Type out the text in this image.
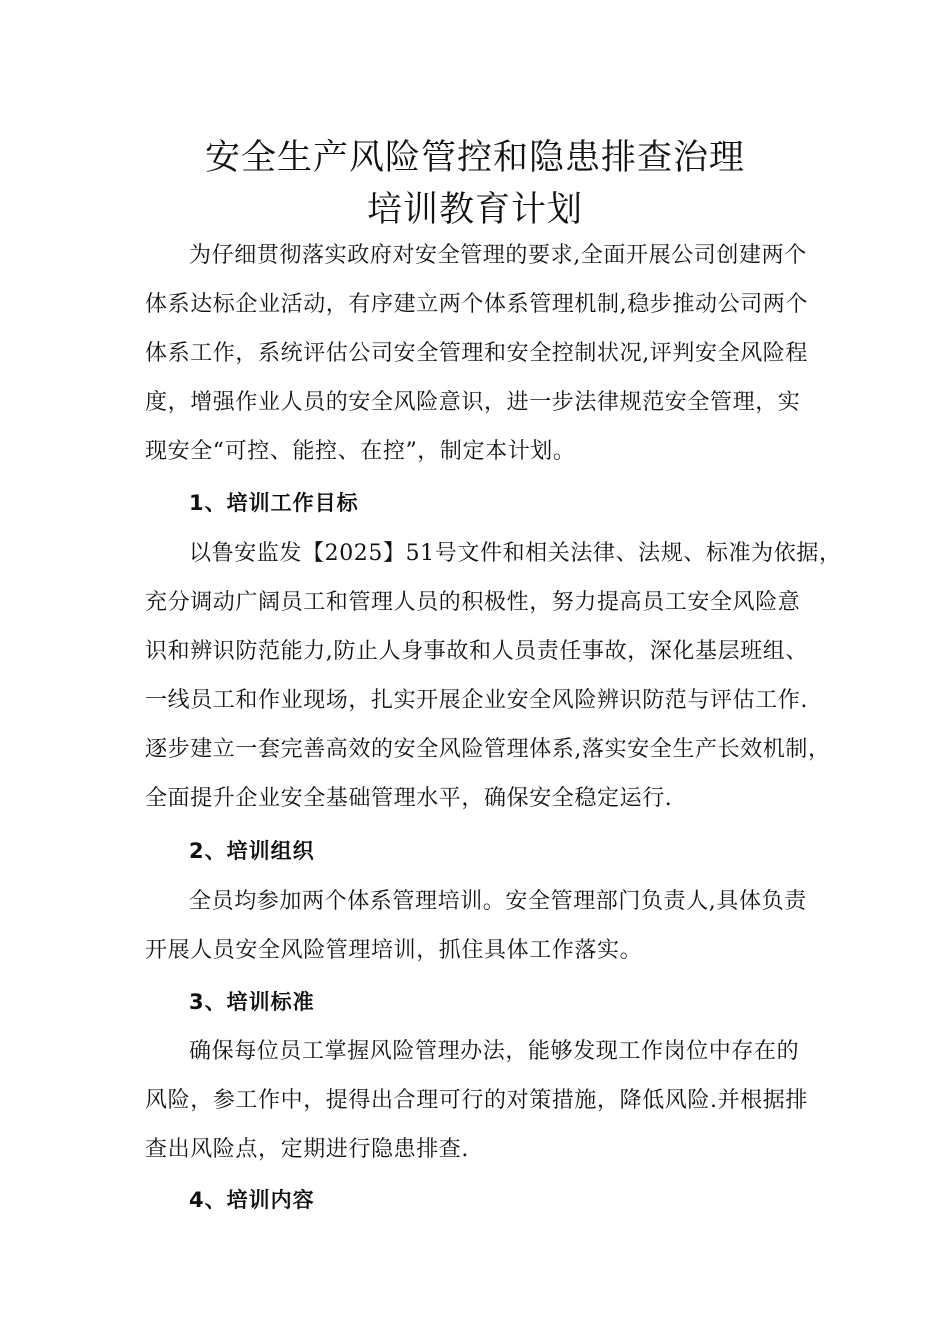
安全生产风险管控和隐患排查治理
培训教育计划
为仔细贯彻落实政府对安全管理的要求,全面开展公司创建两个
体系达标企业活动，有序建立两个体系管理机制,稳步推动公司两个
体系工作，系统评估公司安全管理和安全控制状况,评判安全风险程
度，增强作业人员的安全风险意识，进一步法律规范安全管理，实
现安全“可控、能控、在控”，制定本计划。
1、培训工作目标
以鲁安监发【2025】51号文件和相关法律、法规、标准为依据，
充分调动广阔员工和管理人员的积极性，努力提高员工安全风险意
识和辨识防范能力,防止人身事故和人员责任事故，深化基层班组、
一线员工和作业现场，扎实开展企业安全风险辨识防范与评估工作.
逐步建立一套完善高效的安全风险管理体系,落实安全生产长效机制，
全面提升企业安全基础管理水平，确保安全稳定运行.
2、培训组织
全员均参加两个体系管理培训。安全管理部门负责人,具体负责
开展人员安全风险管理培训，抓住具体工作落实。
3、培训标准
确保每位员工掌握风险管理办法，能够发现工作岗位中存在的
风险，参工作中，提得出合理可行的对策措施，降低风险.并根据排
查出风险点，定期进行隐患排查.
4、培训内容
